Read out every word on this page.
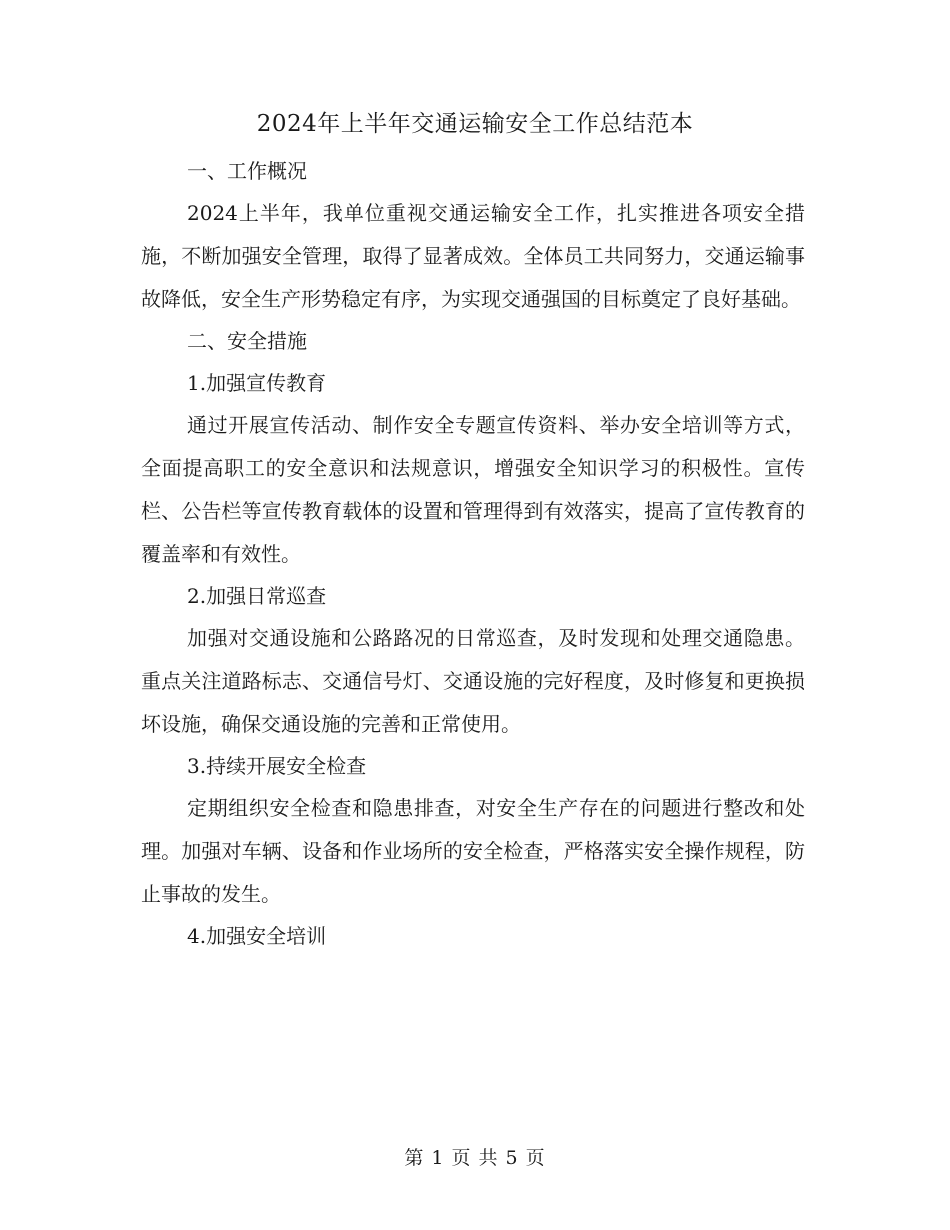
2024年上半年交通运输安全工作总结范本
一、工作概况
2024上半年，我单位重视交通运输安全工作，扎实推进各项安全措施，不断加强安全管理，取得了显著成效。全体员工共同努力，交通运输事故降低，安全生产形势稳定有序，为实现交通强国的目标奠定了良好基础。
二、安全措施
1.加强宣传教育
通过开展宣传活动、制作安全专题宣传资料、举办安全培训等方式，全面提高职工的安全意识和法规意识，增强安全知识学习的积极性。宣传栏、公告栏等宣传教育载体的设置和管理得到有效落实，提高了宣传教育的覆盖率和有效性。
2.加强日常巡查
加强对交通设施和公路路况的日常巡查，及时发现和处理交通隐患。重点关注道路标志、交通信号灯、交通设施的完好程度，及时修复和更换损坏设施，确保交通设施的完善和正常使用。
3.持续开展安全检查
定期组织安全检查和隐患排查，对安全生产存在的问题进行整改和处理。加强对车辆、设备和作业场所的安全检查，严格落实安全操作规程，防止事故的发生。
4.加强安全培训
第 1 页 共 5 页
